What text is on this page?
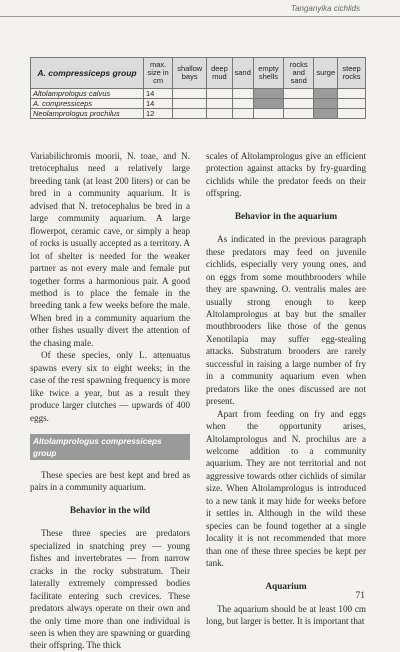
Tanganyika cichlids
A. compressiceps group	max. size in cm	shallow bays	deep mud	sand	empty shells	rocks and sand	surge	steep rocks
Altolamprologus calvus	14							
A. compressiceps	14							
Neolamprologus prochilus	12							

Variabilichromis moorii, N. toae, and N. tretocephalus need a relatively large breeding tank (at least 200 liters) or can be bred in a community aquarium. It is advised that N. tretocephalus be bred in a large community aquarium. A large flowerpot, ceramic cave, or simply a heap of rocks is usually accepted as a territory. A lot of shelter is needed for the weaker partner as not every male and female put together forms a harmonious pair. A good method is to place the female in the breeding tank a few weeks before the male. When bred in a community aquarium the other fishes usually divert the attention of the chasing male.

Of these species, only L. attenuatus spawns every six to eight weeks; in the case of the rest spawning frequency is more like twice a year, but as a result they produce larger clutches — upwards of 400 eggs.

Altolamprologus compressiceps group

These species are best kept and bred as pairs in a community aquarium.

Behavior in the wild

These three species are predators specialized in snatching prey — young fishes and invertebrates — from narrow cracks in the rocky substratum. Their laterally extremely compressed bodies facilitate entering such crevices. These predators always operate on their own and the only time more than one individual is seen is when they are spawning or guarding their offspring. The thick

scales of Altolamprologus give an efficient protection against attacks by fry-guarding cichlids while the predator feeds on their offspring.

Behavior in the aquarium

As indicated in the previous paragraph these predators may feed on juvenile cichlids, especially very young ones, and on eggs from some mouthbrooders while they are spawning. O. ventralis males are usually strong enough to keep Altolamprologus at bay but the smaller mouthbrooders like those of the genus Xenotilapia may suffer egg-stealing attacks. Substratum brooders are rarely successful in raising a large number of fry in a community aquarium even when predators like the ones discussed are not present.

Apart from feeding on fry and eggs when the opportunity arises, Altolamprologus and N. prochilus are a welcome addition to a community aquarium. They are not territorial and not aggressive towards other cichlids of similar size. When Altolamprologus is introduced to a new tank it may hide for weeks before it settles in. Although in the wild these species can be found together at a single locality it is not recommended that more than one of these three species be kept per tank.

Aquarium

The aquarium should be at least 100 cm long, but larger is better. It is important that

71
